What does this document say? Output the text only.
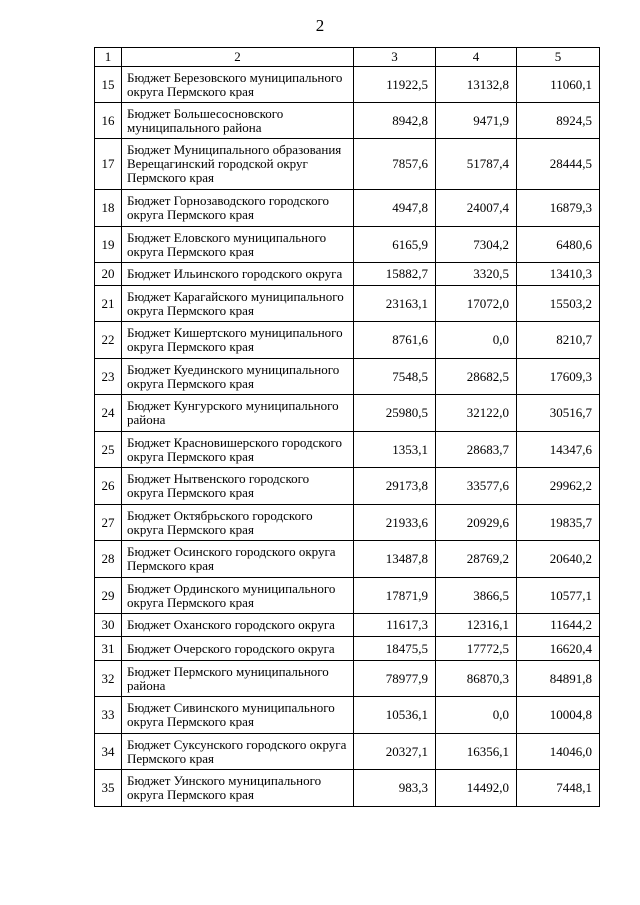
2
1	2	3	4	5
15	Бюджет Березовского муниципального округа Пермского края	11922,5	13132,8	11060,1
16	Бюджет Большесосновского муниципального района	8942,8	9471,9	8924,5
17	Бюджет Муниципального образования Верещагинский городской округ Пермского края	7857,6	51787,4	28444,5
18	Бюджет Горнозаводского городского округа Пермского края	4947,8	24007,4	16879,3
19	Бюджет Еловского муниципального округа Пермского края	6165,9	7304,2	6480,6
20	Бюджет Ильинского городского округа	15882,7	3320,5	13410,3
21	Бюджет Карагайского муниципального округа Пермского края	23163,1	17072,0	15503,2
22	Бюджет Кишертского муниципального округа Пермского края	8761,6	0,0	8210,7
23	Бюджет Куединского муниципального округа Пермского края	7548,5	28682,5	17609,3
24	Бюджет Кунгурского муниципального района	25980,5	32122,0	30516,7
25	Бюджет Красновишерского городского округа Пермского края	1353,1	28683,7	14347,6
26	Бюджет Нытвенского городского округа Пермского края	29173,8	33577,6	29962,2
27	Бюджет Октябрьского городского округа Пермского края	21933,6	20929,6	19835,7
28	Бюджет Осинского городского округа Пермского края	13487,8	28769,2	20640,2
29	Бюджет Ординского муниципального округа Пермского края	17871,9	3866,5	10577,1
30	Бюджет Оханского городского округа	11617,3	12316,1	11644,2
31	Бюджет Очерского городского округа	18475,5	17772,5	16620,4
32	Бюджет Пермского муниципального района	78977,9	86870,3	84891,8
33	Бюджет Сивинского муниципального округа Пермского края	10536,1	0,0	10004,8
34	Бюджет Суксунского городского округа Пермского края	20327,1	16356,1	14046,0
35	Бюджет Уинского муниципального округа Пермского края	983,3	14492,0	7448,1
